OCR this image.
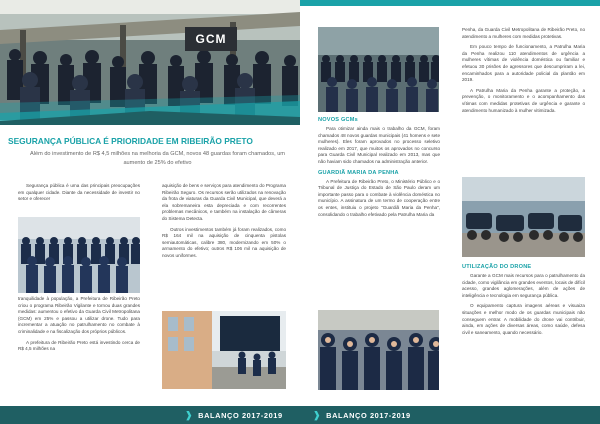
GCM
SEGURANÇA PÚBLICA É PRIORIDADE EM RIBEIRÃO PRETO
Além do investimento de R$ 4,5 milhões na melhoria da GCM, novos 48 guardas foram chamados, um aumento de 25% do efetivo

Segurança pública é uma das principais preocupações em qualquer cidade. Diante da necessidade de investir no setor e oferecer

tranquilidade à população, a Prefeitura de Ribeirão Preto criou o programa Ribeirão Vigilante e tornou duas grandes medidas: aumentou o efetivo da Guarda Civil Metropolitana (GCM) em 25% e passou a utilizar drone. Tudo para incrementar a atuação no patrulhamento no combate à criminalidade e na fiscalização dos próprios públicos.

A prefeitura de Ribeirão Preto está investindo cerca de R$ 4,5 milhões na

aquisição de bens e serviços para atendimento do Programa Ribeirão Seguro. Os recursos serão utilizados na renovação da frota de viaturas da Guarda Civil Municipal, que deverá a ela sobremaneira esta depreciada e com recorrentes problemas mecânicos, e também na instalação de câmeras do Sistema Detecta.

Outros investimentos também já foram realizados, como R$ 164 mil na aquisição de cinquenta pistolas semiautomáticas, calibre 380, modernizando em 50% o armamento do efetivo; outros R$ 106 mil na aquisição de novos uniformes.

NOVOS GCMs

Para otimizar ainda mais o trabalho da GCM, foram chamados 48 novos guardas municipais (41 homens e sete mulheres). Eles foram aprovados no processo seletivo realizado em 2017, que muitos os aprovados no concurso para Guarda Civil Municipal realizado em 2013, mas que não haviam sido chamados na administração anterior.

GUARDIÃ MARIA DA PENHA

A Prefeitura de Ribeirão Preto, o Ministério Público e o Tribunal de Justiça do Estado de São Paulo deram um importante passo para o combate à violência doméstica no município. A assinatura de um termo de cooperação entre os entes, instituiu o projeto "Guardiã Maria da Penha", consolidando o trabalho efetivado pela Patrulha Maria da

Penha, da Guarda Civil Metropolitana de Ribeirão Preto, no atendimento a mulheres com medidas protetivas.

Em pouco tempo de funcionamento, a Patrulha Maria da Penha realizou 110 atendimentos de urgência a mulheres vítimas de violência doméstica ou familiar e efetuou 30 prisões de agressores que descumpriram a lei, encaminhados para a autoridade policial da plantão em 2019.

A Patrulha Maria da Penha garante a proteção, a prevenção, o monitoramento e o acompanhamento das vítimas com medidas protetivas de urgência e garante o atendimento humanizado à mulher vitimizada.

UTILIZAÇÃO DO DRONE

Garante a GCM mais recursos para o patrulhamento da cidade, como vigilância em grandes eventos, locais de difícil acesso, grandes aglomerações, além de ações de inteligência e tecnologia em segurança pública.

O equipamento captura imagens aéreas e visuaiza situações e melhor modo de os guardas municipais não conseguem entrar. A mobilidade do drone vai contribuir, ainda, em ações de diversas áreas, como saúde, defesa civil e saneamento, quando necessário.

❱ BALANÇO 2017-2019	❱ BALANÇO 2017-2019
